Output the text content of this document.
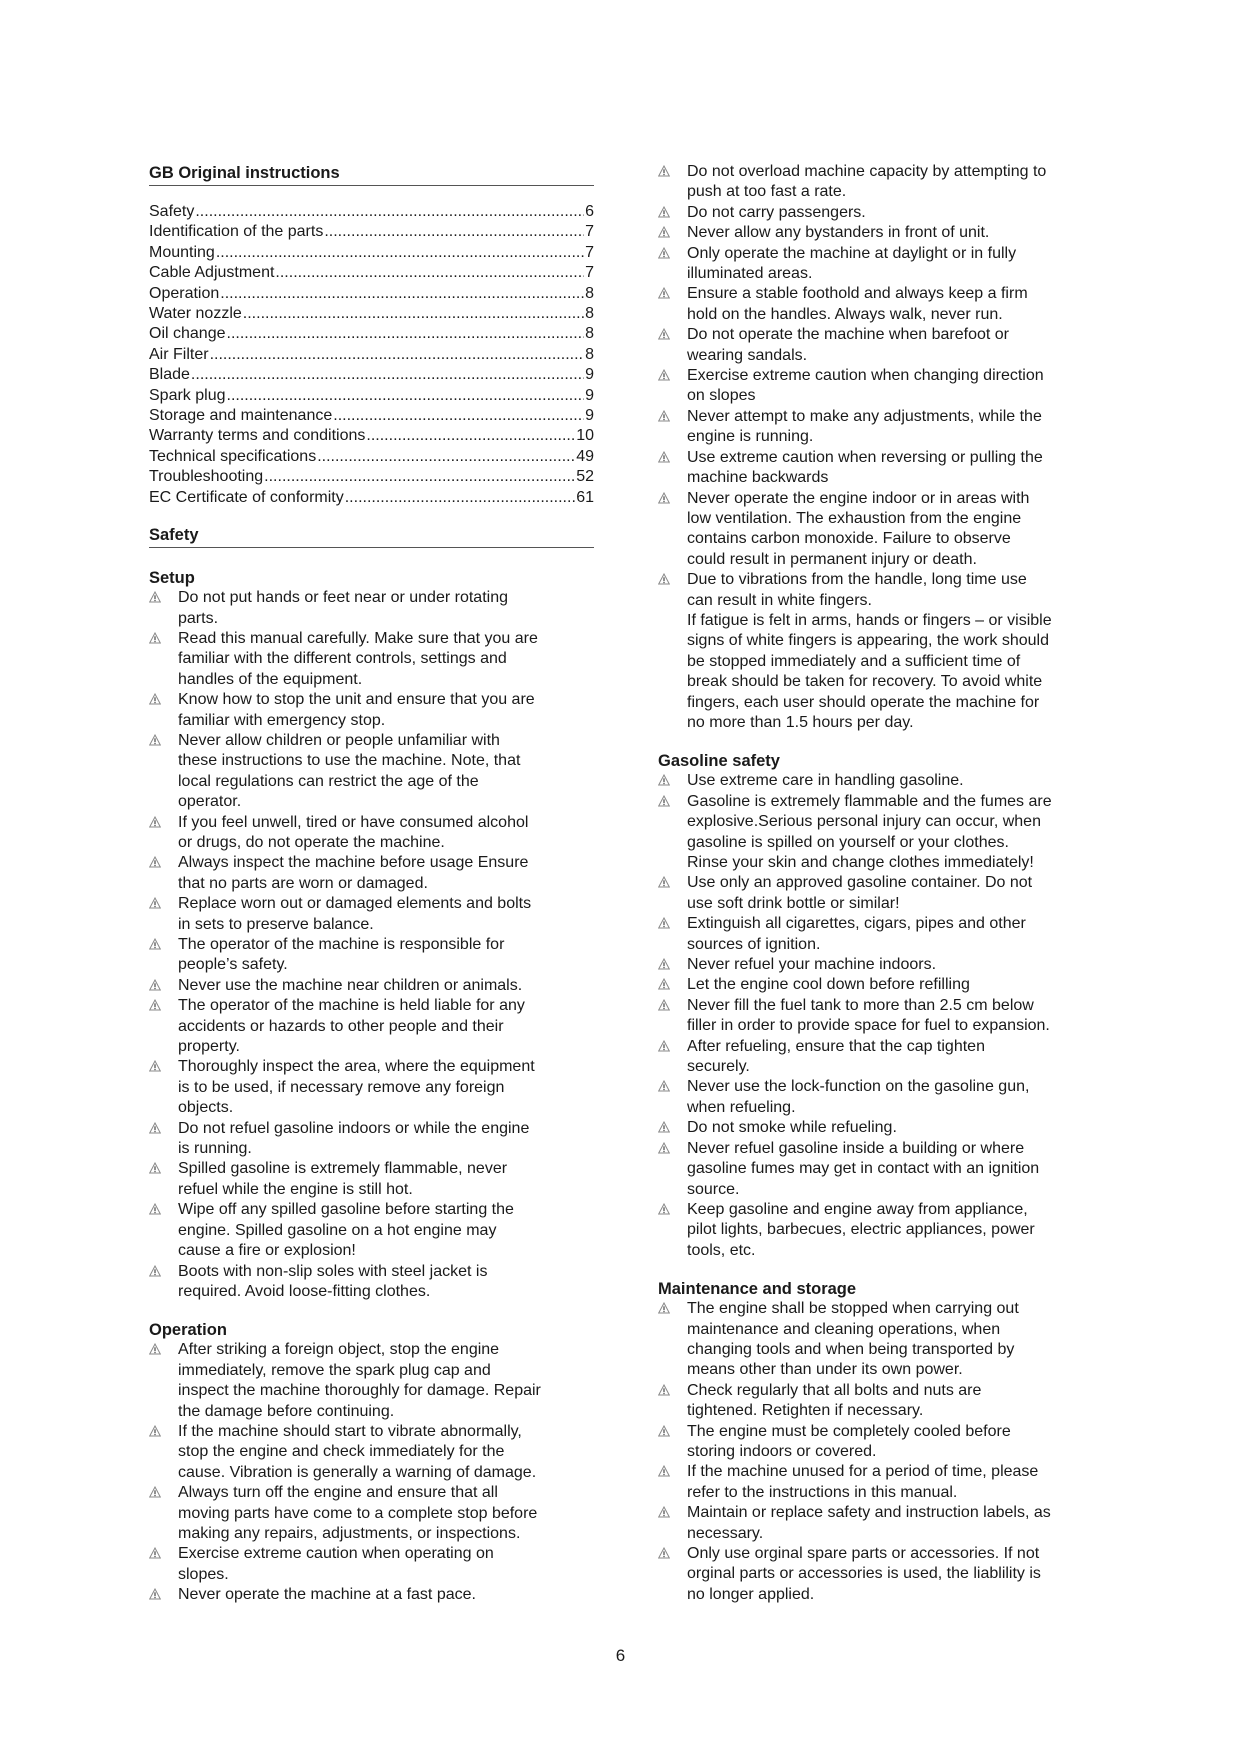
GB Original instructions
Safety .....	6
Identification of the parts .....	7
Mounting .....	7
Cable Adjustment .....	7
Operation .....	8
Water nozzle .....	8
Oil change .....	8
Air Filter .....	8
Blade .....	9
Spark plug .....	9
Storage and maintenance .....	9
Warranty terms and conditions .....	10
Technical specifications .....	49
Troubleshooting .....	52
EC Certificate of conformity .....	61
Safety
Setup
Do not put hands or feet near or under rotating
parts.
Read this manual carefully. Make sure that you are
familiar with the different controls, settings and
handles of the equipment.
Know how to stop the unit and ensure that you are
familiar with emergency stop.
Never allow children or people unfamiliar with
these instructions to use the machine. Note, that
local regulations can restrict the age of the
operator.
If you feel unwell, tired or have consumed alcohol
or drugs, do not operate the machine.
Always inspect the machine before usage Ensure
that no parts are worn or damaged.
Replace worn out or damaged elements and bolts
in sets to preserve balance.
The operator of the machine is responsible for
people’s safety.
Never use the machine near children or animals.
The operator of the machine is held liable for any
accidents or hazards to other people and their
property.
Thoroughly inspect the area, where the equipment
is to be used, if necessary remove any foreign
objects.
Do not refuel gasoline indoors or while the engine
is running.
Spilled gasoline is extremely flammable, never
refuel while the engine is still hot.
Wipe off any spilled gasoline before starting the
engine. Spilled gasoline on a hot engine may
cause a fire or explosion!
Boots with non-slip soles with steel jacket is
required. Avoid loose-fitting clothes.
Operation
After striking a foreign object, stop the engine
immediately, remove the spark plug cap and
inspect the machine thoroughly for damage. Repair
the damage before continuing.
If the machine should start to vibrate abnormally,
stop the engine and check immediately for the
cause. Vibration is generally a warning of damage.
Always turn off the engine and ensure that all
moving parts have come to a complete stop before
making any repairs, adjustments, or inspections.
Exercise extreme caution when operating on
slopes.
Never operate the machine at a fast pace.
Do not overload machine capacity by attempting to
push at too fast a rate.
Do not carry passengers.
Never allow any bystanders in front of unit.
Only operate the machine at daylight or in fully
illuminated areas.
Ensure a stable foothold and always keep a firm
hold on the handles. Always walk, never run.
Do not operate the machine when barefoot or
wearing sandals.
Exercise extreme caution when changing direction
on slopes
Never attempt to make any adjustments, while the
engine is running.
Use extreme caution when reversing or pulling the
machine backwards
Never operate the engine indoor or in areas with
low ventilation. The exhaustion from the engine
contains carbon monoxide. Failure to observe
could result in permanent injury or death.
Due to vibrations from the handle, long time use
can result in white fingers.
If fatigue is felt in arms, hands or fingers – or visible
signs of white fingers is appearing, the work should
be stopped immediately and a sufficient time of
break should be taken for recovery. To avoid white
fingers, each user should operate the machine for
no more than 1.5 hours per day.
Gasoline safety
Use extreme care in handling gasoline.
Gasoline is extremely flammable and the fumes are
explosive.Serious personal injury can occur, when
gasoline is spilled on yourself or your clothes.
Rinse your skin and change clothes immediately!
Use only an approved gasoline container. Do not
use soft drink bottle or similar!
Extinguish all cigarettes, cigars, pipes and other
sources of ignition.
Never refuel your machine indoors.
Let the engine cool down before refilling
Never fill the fuel tank to more than 2.5 cm below
filler in order to provide space for fuel to expansion.
After refueling, ensure that the cap tighten
securely.
Never use the lock-function on the gasoline gun,
when refueling.
Do not smoke while refueling.
Never refuel gasoline inside a building or where
gasoline fumes may get in contact with an ignition
source.
Keep gasoline and engine away from appliance,
pilot lights, barbecues, electric appliances, power
tools, etc.
Maintenance and storage
The engine shall be stopped when carrying out
maintenance and cleaning operations, when
changing tools and when being transported by
means other than under its own power.
Check regularly that all bolts and nuts are
tightened. Retighten if necessary.
The engine must be completely cooled before
storing indoors or covered.
If the machine unused for a period of time, please
refer to the instructions in this manual.
Maintain or replace safety and instruction labels, as
necessary.
Only use orginal spare parts or accessories. If not
orginal parts or accessories is used, the liablility is
no longer applied.
6
